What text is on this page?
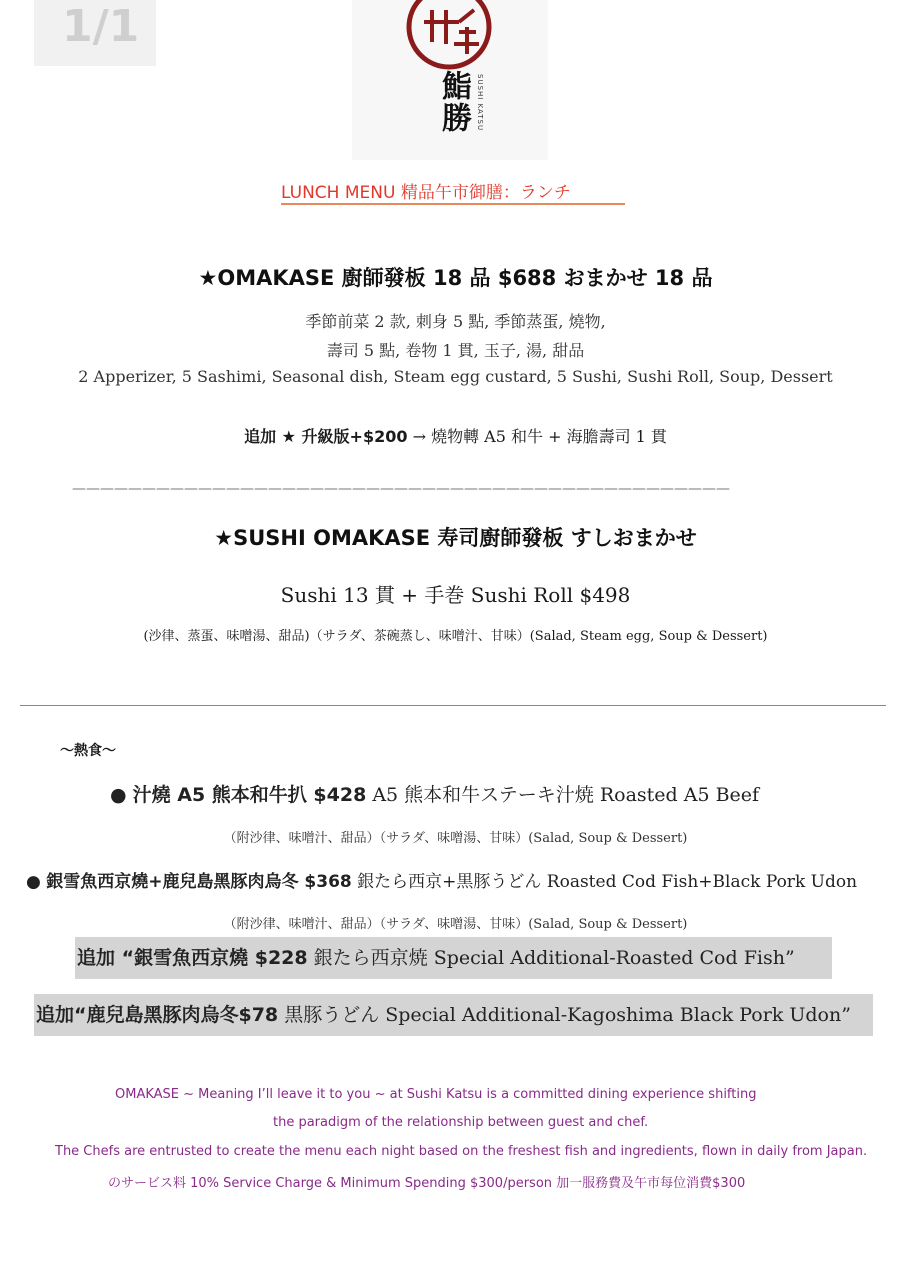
1/1
鮨勝 SUSHI KATSU
LUNCH MENU 精品午市御膳：ランチ
★OMAKASE 廚師發板 18 品 $688 おまかせ 18 品
季節前菜 2 款, 刺身 5 點, 季節蒸蛋, 燒物,
壽司 5 點, 卷物 1 貫, 玉子, 湯, 甜品
2 Apperizer, 5 Sashimi, Seasonal dish, Steam egg custard, 5 Sushi, Sushi Roll, Soup, Dessert
追加 ★ 升級版+$200 → 燒物轉 A5 和牛 + 海膽壽司 1 貫
———————————————————————————————————————————————
★SUSHI OMAKASE 寿司廚師發板 すしおまかせ
Sushi 13 貫 + 手巻 Sushi Roll $498
(沙律、蒸蛋、味噌湯、甜品)（サラダ、茶碗蒸し、味噌汁、甘味）(Salad, Steam egg, Soup & Dessert)
～熱食～
● 汁燒 A5 熊本和牛扒 $428 A5 熊本和牛ステーキ汁焼 Roasted A5 Beef
（附沙律、味噌汁、甜品）（サラダ、味噌湯、甘味）(Salad, Soup & Dessert)
● 銀雪魚西京燒+鹿兒島黑豚肉烏冬 $368 銀たら西京+黒豚うどん Roasted Cod Fish+Black Pork Udon
（附沙律、味噌汁、甜品）（サラダ、味噌湯、甘味）(Salad, Soup & Dessert)
追加 “銀雪魚西京燒 $228 銀たら西京焼 Special Additional-Roasted Cod Fish”
追加“鹿兒島黑豚肉烏冬$78 黒豚うどん Special Additional-Kagoshima Black Pork Udon”
OMAKASE ~ Meaning I’ll leave it to you ~ at Sushi Katsu is a committed dining experience shifting
the paradigm of the relationship between guest and chef.
The Chefs are entrusted to create the menu each night based on the freshest fish and ingredients, flown in daily from Japan.
のサービス料 10% Service Charge & Minimum Spending $300/person 加一服務費及午市每位消費$300
